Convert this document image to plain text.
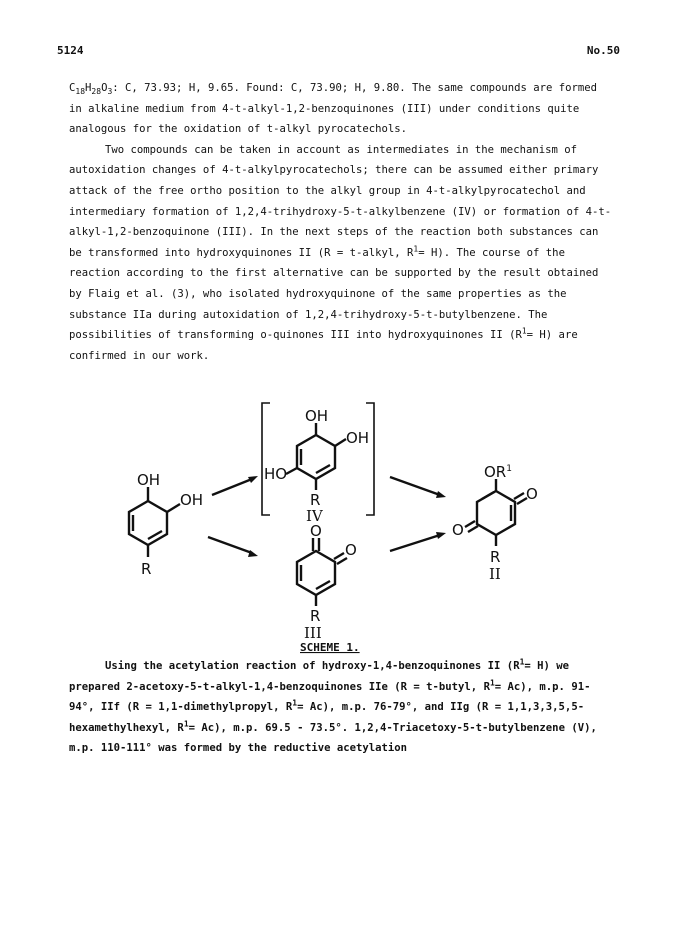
5124	No.50

$C_{18}H_{28}O_3$: C, 73.93; H, 9.65. Found: C, 73.90; H, 9.80. The same compounds are formed in alkaline medium from 4-t-alkyl-1,2-benzoquinones (III) under conditions quite analogous for the oxidation of t-alkyl pyrocatechols.

Two compounds can be taken in account as intermediates in the mechanism of autoxidation changes of 4-t-alkylpyrocatechols; there can be assumed either primary attack of the free ortho position to the alkyl group in 4-t-alkylpyrocatechol and intermediary formation of 1,2,4-trihydroxy-5-t-alkylbenzene (IV) or formation of 4-t-alkyl-1,2-benzoquinone (III). In the next steps of the reaction both substances can be transformed into hydroxyquinones II (R = t-alkyl, $R^1= H$). The course of the reaction according to the first alternative can be supported by the result obtained by Flaig et al. (3), who isolated hydroxyquinone of the same properties as the substance IIa during autoxidation of 1,2,4-trihydroxy-5-t-butylbenzene. The possibilities of transforming o-quinones III into hydroxyquinones II $(R^1= H)$ are confirmed in our work.

OH
OH
R
OH
OH
HO
R
IV
O
O
R
III
$OR^1$
O
O
R
II
SCHEME 1.

Using the acetylation reaction of hydroxy-1,4-benzoquinones II $(R^1= H)$ we prepared 2-acetoxy-5-t-alkyl-1,4-benzoquinones IIe (R = t-butyl, $R^1= Ac$), m.p. 91-94°, IIf (R = 1,1-dimethylpropyl, $R^1= Ac$), m.p. 76-79°, and IIg (R = 1,1,3,3,5,5-hexamethylhexyl, $R^1= Ac$), m.p. 69.5 - 73.5°. 1,2,4-Triacetoxy-5-t-butylbenzene (V), m.p. 110-111° was formed by the reductive acetylation
